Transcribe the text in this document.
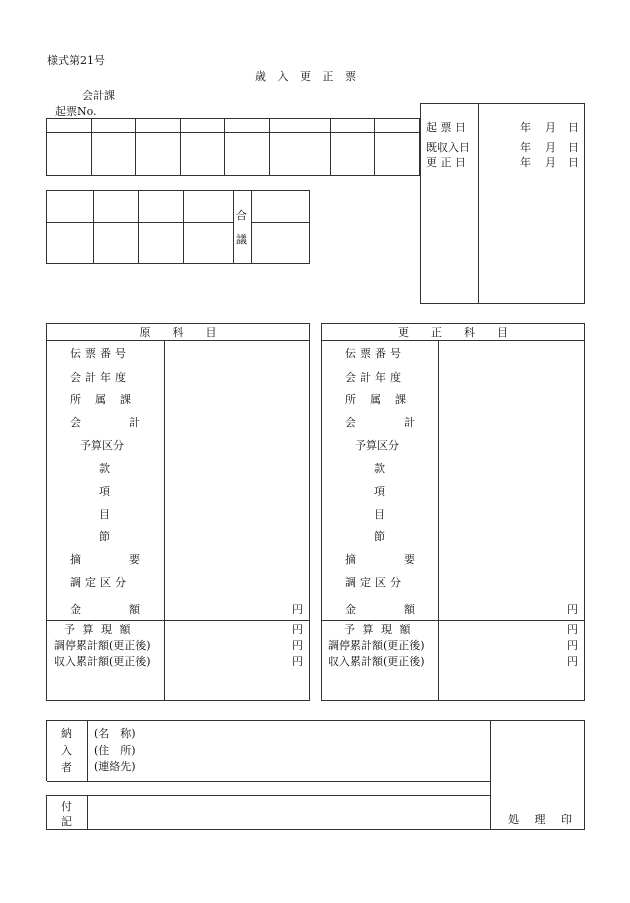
様式第21号
歳 入 更 正 票
会計課
起票No.

起 票 日	年 月 日
既収入日	年 月 日
更 正 日	年 月 日
合
議
原　　科　　目
伝票番号
会計年度
所属課
会計
予算区分
款
項
目
節
摘要
調定区分
金額	円
予 算 現 額	円
調停累計額(更正後)	円
収入累計額(更正後)	円
更　　正　　科　　目
伝票番号
会計年度
所属課
会計
予算区分
款
項
目
節
摘要
調定区分
金額	円
予 算 現 額	円
調停累計額(更正後)	円
収入累計額(更正後)	円
納
入
者
(名　称)
(住　所)
(連絡先)
付
記	処 理 印
